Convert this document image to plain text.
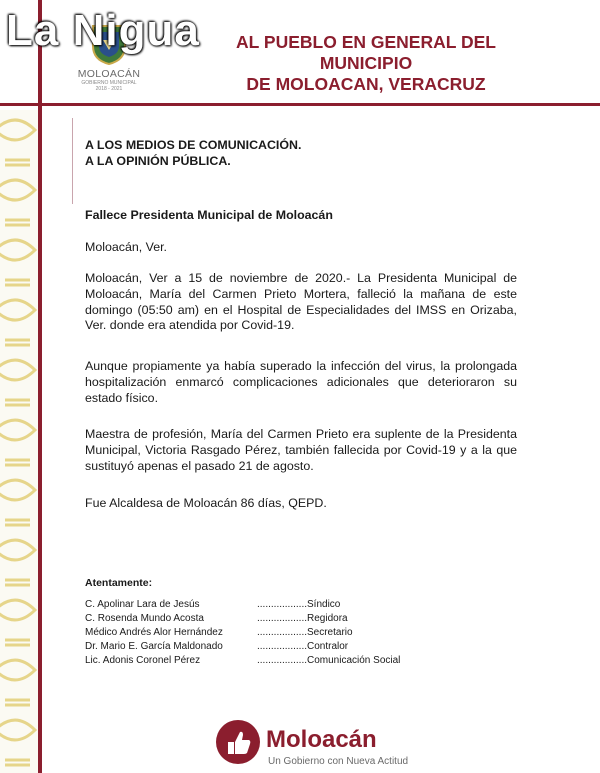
La Nigua
MOLOACÁN
GOBIERNO MUNICIPAL
2018 - 2021
AL PUEBLO EN GENERAL DEL MUNICIPIO
DE MOLOACAN, VERACRUZ
A LOS MEDIOS DE COMUNICACIÓN.
A LA OPINIÓN PÚBLICA.
Fallece Presidenta Municipal de Moloacán
Moloacán, Ver.
Moloacán, Ver a 15 de noviembre de 2020.- La Presidenta Municipal de Moloacán, María del Carmen Prieto Mortera, falleció la mañana de este domingo (05:50 am) en el Hospital de Especialidades del IMSS en Orizaba, Ver. donde era atendida por Covid-19.
Aunque propiamente ya había superado la infección del virus, la prolongada hospitalización enmarcó complicaciones adicionales que deterioraron su estado físico.
Maestra de profesión, María del Carmen Prieto era suplente de la Presidenta Municipal, Victoria Rasgado Pérez, también fallecida por Covid-19 y a la que sustituyó apenas el pasado 21 de agosto.
Fue Alcaldesa de Moloacán 86 días, QEPD.
Atentamente:
C. Apolinar Lara de Jesús	.................. Síndico
C. Rosenda Mundo Acosta	.................. Regidora
Médico Andrés Alor Hernández	.................. Secretario
Dr. Mario E. García Maldonado	.................. Contralor
Lic. Adonis Coronel Pérez	.................. Comunicación Social
Moloacán
Un Gobierno con Nueva Actitud
